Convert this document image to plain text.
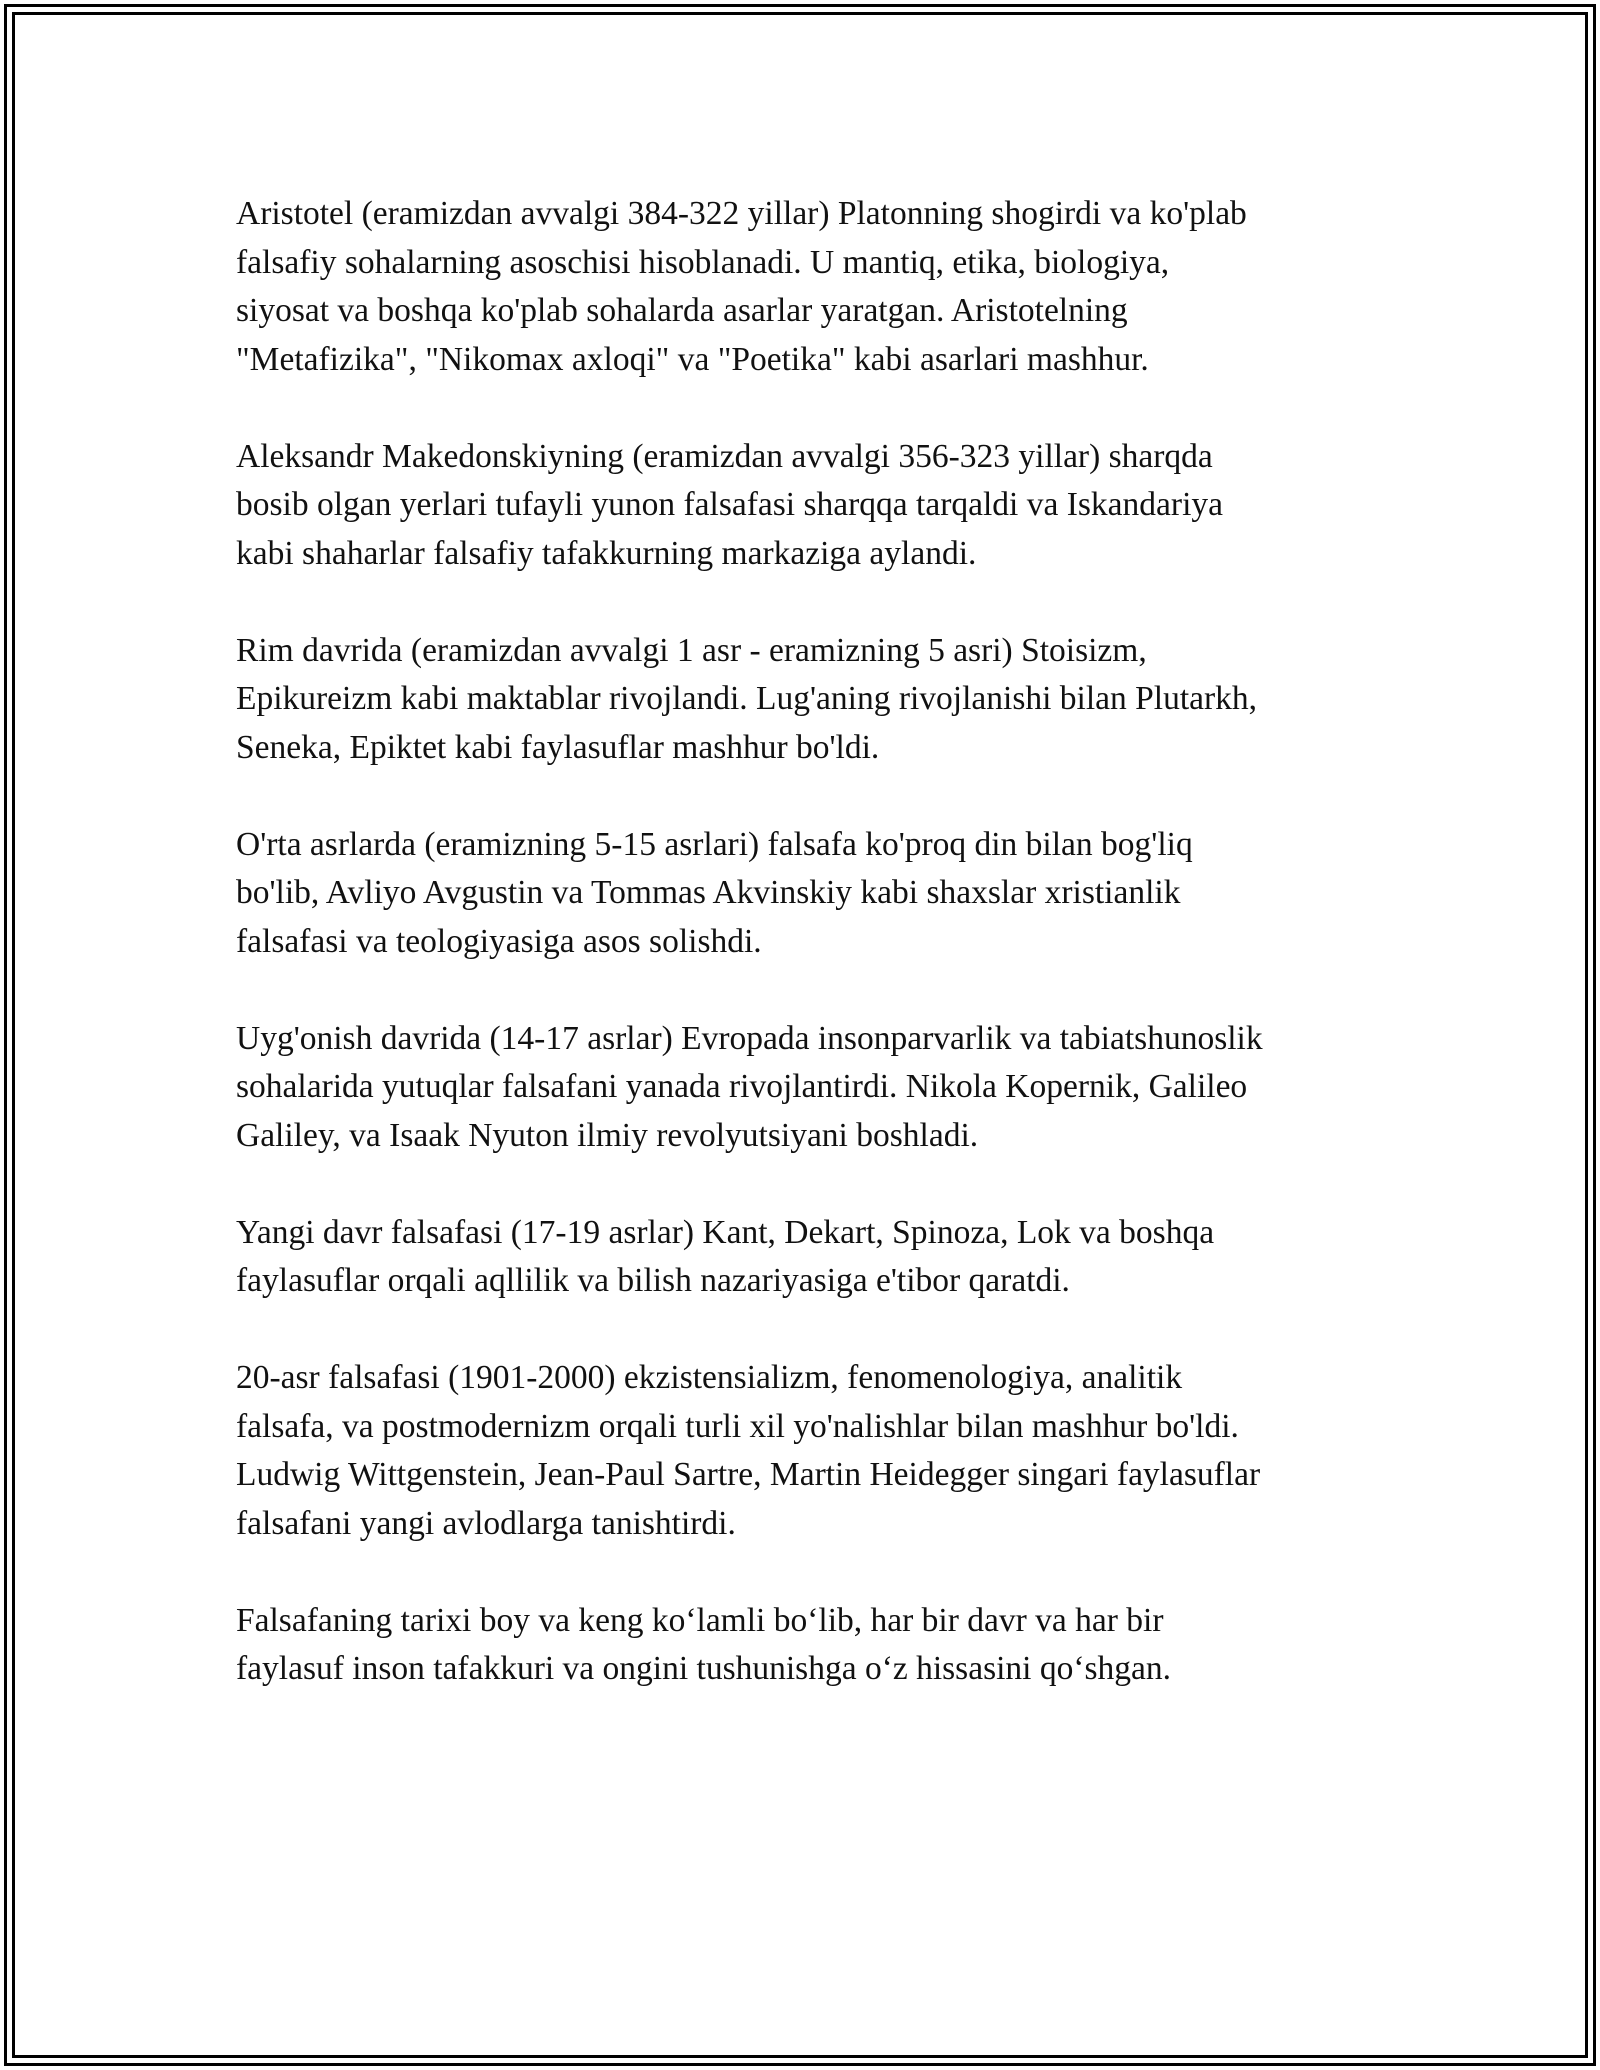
Aristotel (eramizdan avvalgi 384-322 yillar) Platonning shogirdi va ko'plab
falsafiy sohalarning asoschisi hisoblanadi. U mantiq, etika, biologiya,
siyosat va boshqa ko'plab sohalarda asarlar yaratgan. Aristotelning
"Metafizika", "Nikomax axloqi" va "Poetika" kabi asarlari mashhur.

Aleksandr Makedonskiyning (eramizdan avvalgi 356-323 yillar) sharqda
bosib olgan yerlari tufayli yunon falsafasi sharqqa tarqaldi va Iskandariya
kabi shaharlar falsafiy tafakkurning markaziga aylandi.

Rim davrida (eramizdan avvalgi 1 asr - eramizning 5 asri) Stoisizm,
Epikureizm kabi maktablar rivojlandi. Lug'aning rivojlanishi bilan Plutarkh,
Seneka, Epiktet kabi faylasuflar mashhur bo'ldi.

O'rta asrlarda (eramizning 5-15 asrlari) falsafa ko'proq din bilan bog'liq
bo'lib, Avliyo Avgustin va Tommas Akvinskiy kabi shaxslar xristianlik
falsafasi va teologiyasiga asos solishdi.

Uyg'onish davrida (14-17 asrlar) Evropada insonparvarlik va tabiatshunoslik
sohalarida yutuqlar falsafani yanada rivojlantirdi. Nikola Kopernik, Galileo
Galiley, va Isaak Nyuton ilmiy revolyutsiyani boshladi.

Yangi davr falsafasi (17-19 asrlar) Kant, Dekart, Spinoza, Lok va boshqa
faylasuflar orqali aqllilik va bilish nazariyasiga e'tibor qaratdi.

20-asr falsafasi (1901-2000) ekzistensializm, fenomenologiya, analitik
falsafa, va postmodernizm orqali turli xil yo'nalishlar bilan mashhur bo'ldi.
Ludwig Wittgenstein, Jean-Paul Sartre, Martin Heidegger singari faylasuflar
falsafani yangi avlodlarga tanishtirdi.

Falsafaning tarixi boy va keng ko‘lamli bo‘lib, har bir davr va har bir
faylasuf inson tafakkuri va ongini tushunishga o‘z hissasini qo‘shgan.
